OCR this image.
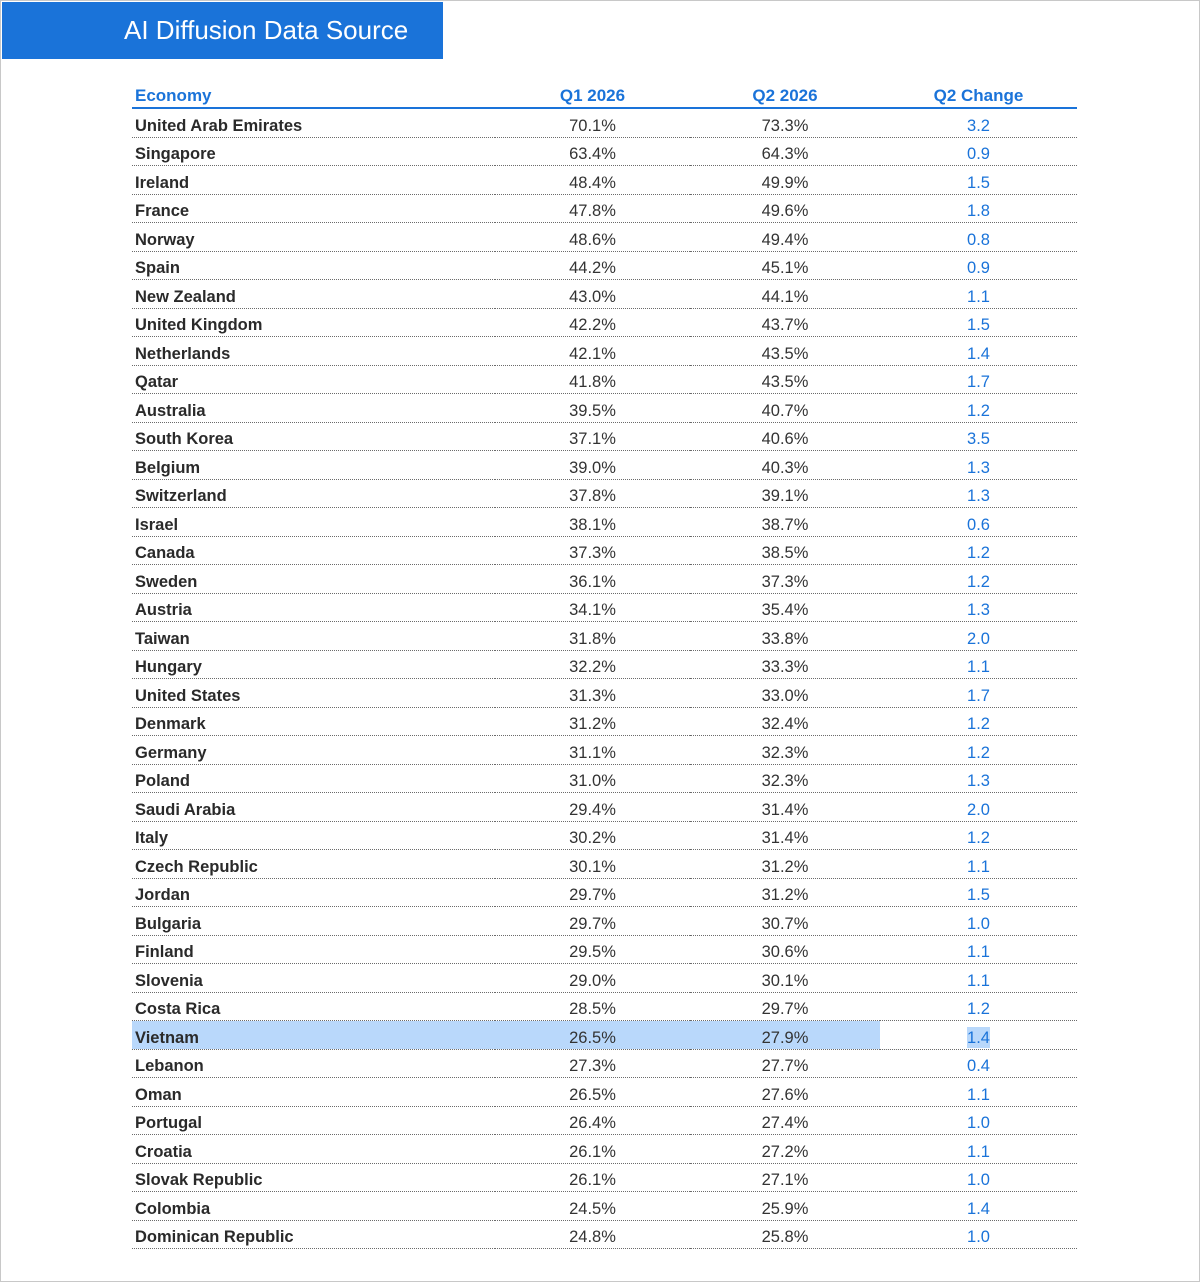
AI Diffusion Data Source
Economy	Q1 2026	Q2 2026	Q2 Change
United Arab Emirates	70.1%	73.3%	3.2
Singapore	63.4%	64.3%	0.9
Ireland	48.4%	49.9%	1.5
France	47.8%	49.6%	1.8
Norway	48.6%	49.4%	0.8
Spain	44.2%	45.1%	0.9
New Zealand	43.0%	44.1%	1.1
United Kingdom	42.2%	43.7%	1.5
Netherlands	42.1%	43.5%	1.4
Qatar	41.8%	43.5%	1.7
Australia	39.5%	40.7%	1.2
South Korea	37.1%	40.6%	3.5
Belgium	39.0%	40.3%	1.3
Switzerland	37.8%	39.1%	1.3
Israel	38.1%	38.7%	0.6
Canada	37.3%	38.5%	1.2
Sweden	36.1%	37.3%	1.2
Austria	34.1%	35.4%	1.3
Taiwan	31.8%	33.8%	2.0
Hungary	32.2%	33.3%	1.1
United States	31.3%	33.0%	1.7
Denmark	31.2%	32.4%	1.2
Germany	31.1%	32.3%	1.2
Poland	31.0%	32.3%	1.3
Saudi Arabia	29.4%	31.4%	2.0
Italy	30.2%	31.4%	1.2
Czech Republic	30.1%	31.2%	1.1
Jordan	29.7%	31.2%	1.5
Bulgaria	29.7%	30.7%	1.0
Finland	29.5%	30.6%	1.1
Slovenia	29.0%	30.1%	1.1
Costa Rica	28.5%	29.7%	1.2
Vietnam	26.5%	27.9%	1.4
Lebanon	27.3%	27.7%	0.4
Oman	26.5%	27.6%	1.1
Portugal	26.4%	27.4%	1.0
Croatia	26.1%	27.2%	1.1
Slovak Republic	26.1%	27.1%	1.0
Colombia	24.5%	25.9%	1.4
Dominican Republic	24.8%	25.8%	1.0
